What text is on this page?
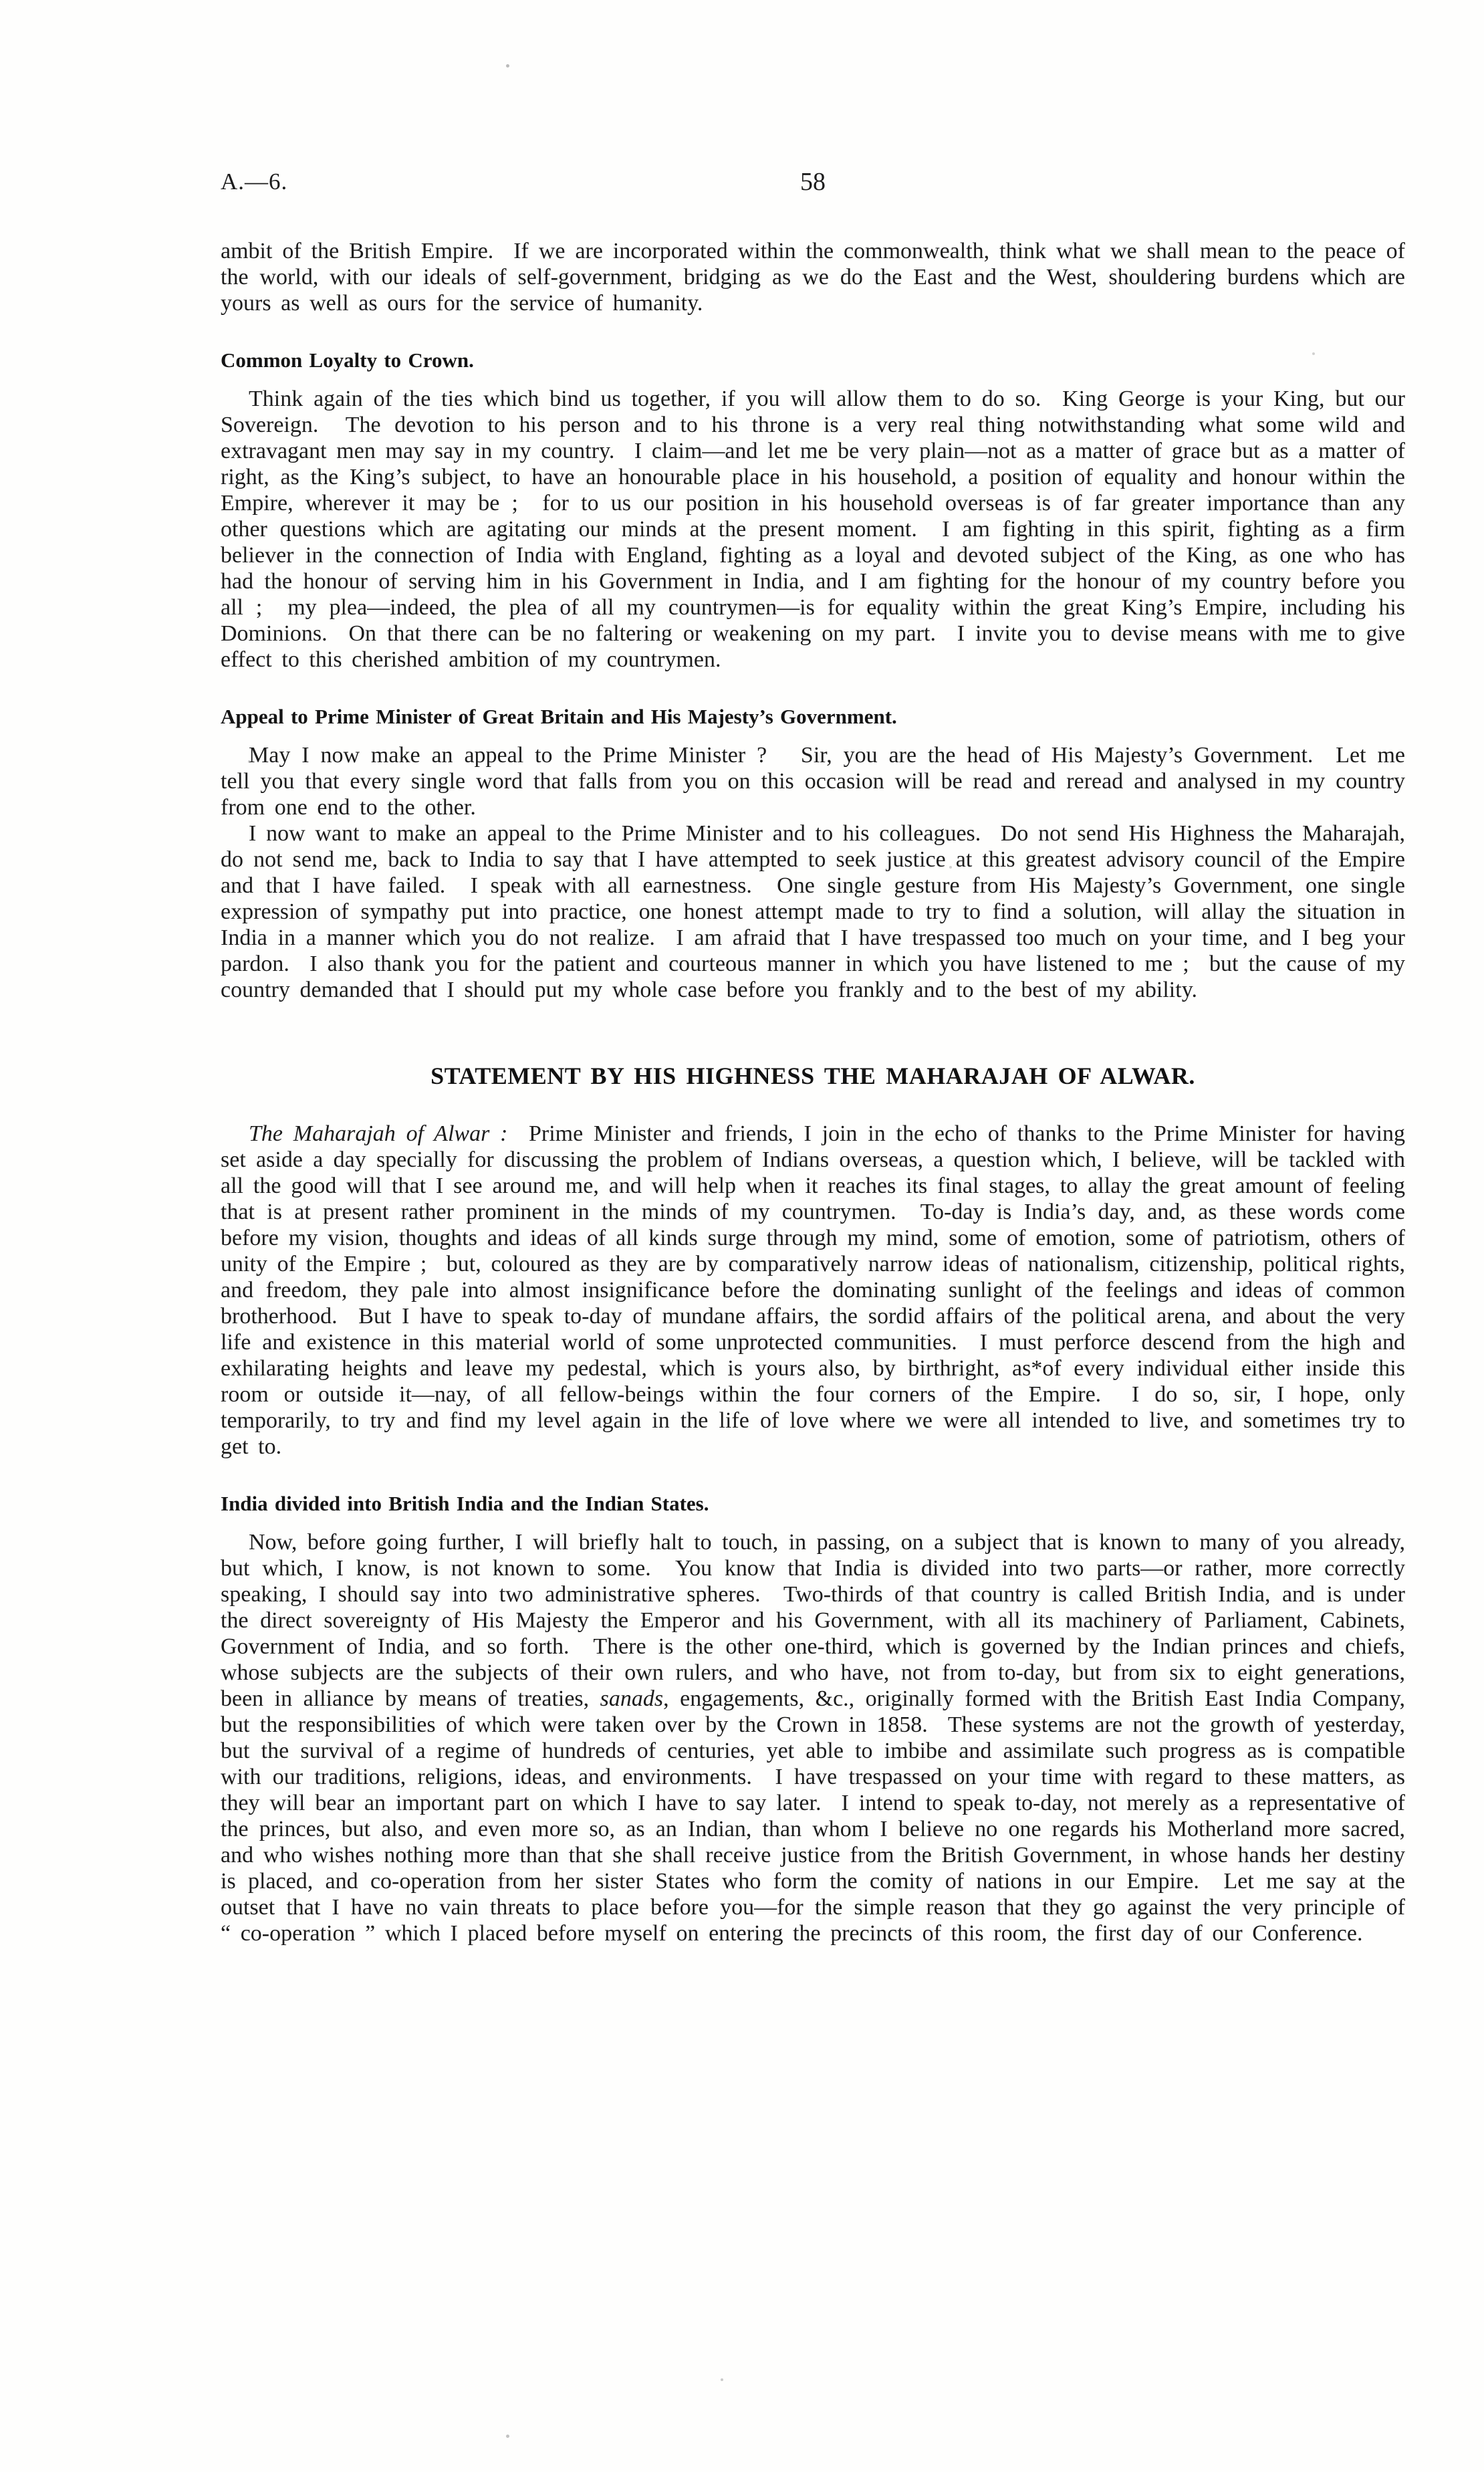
A.—6.	58

ambit of the British Empire.  If we are incorporated within the commonwealth, think what we shall mean to the peace of the world, with our ideals of self-government, bridging as we do the East and the West, shouldering burdens which are yours as well as ours for the service of humanity.

Common Loyalty to Crown.

Think again of the ties which bind us together, if you will allow them to do so.  King George is your King, but our Sovereign.  The devotion to his person and to his throne is a very real thing notwithstanding what some wild and extravagant men may say in my country.  I claim—and let me be very plain—not as a matter of grace but as a matter of right, as the King’s subject, to have an honourable place in his household, a position of equality and honour within the Empire, wherever it may be ;  for to us our position in his household overseas is of far greater importance than any other questions which are agitating our minds at the present moment.  I am fighting in this spirit, fighting as a firm believer in the connection of India with England, fighting as a loyal and devoted subject of the King, as one who has had the honour of serving him in his Government in India, and I am fighting for the honour of my country before you all ;  my plea—indeed, the plea of all my countrymen—is for equality within the great King’s Empire, including his Dominions.  On that there can be no faltering or weakening on my part.  I invite you to devise means with me to give effect to this cherished ambition of my countrymen.

Appeal to Prime Minister of Great Britain and His Majesty’s Government.

May I now make an appeal to the Prime Minister ?   Sir, you are the head of His Majesty’s Government.  Let me tell you that every single word that falls from you on this occasion will be read and reread and analysed in my country from one end to the other.

I now want to make an appeal to the Prime Minister and to his colleagues.  Do not send His Highness the Maharajah, do not send me, back to India to say that I have attempted to seek justice at this greatest advisory council of the Empire and that I have failed.  I speak with all earnestness.  One single gesture from His Majesty’s Government, one single expression of sympathy put into practice, one honest attempt made to try to find a solution, will allay the situation in India in a manner which you do not realize.  I am afraid that I have trespassed too much on your time, and I beg your pardon.  I also thank you for the patient and courteous manner in which you have listened to me ;  but the cause of my country demanded that I should put my whole case before you frankly and to the best of my ability.

STATEMENT BY HIS HIGHNESS THE MAHARAJAH OF ALWAR.

The Maharajah of Alwar :  Prime Minister and friends, I join in the echo of thanks to the Prime Minister for having set aside a day specially for discussing the problem of Indians overseas, a question which, I believe, will be tackled with all the good will that I see around me, and will help when it reaches its final stages, to allay the great amount of feeling that is at present rather prominent in the minds of my countrymen.  To-day is India’s day, and, as these words come before my vision, thoughts and ideas of all kinds surge through my mind, some of emotion, some of patriotism, others of unity of the Empire ;  but, coloured as they are by comparatively narrow ideas of nationalism, citizenship, political rights, and freedom, they pale into almost insignificance before the dominating sunlight of the feelings and ideas of common brotherhood.  But I have to speak to-day of mundane affairs, the sordid affairs of the political arena, and about the very life and existence in this material world of some unprotected communities.  I must perforce descend from the high and exhilarating heights and leave my pedestal, which is yours also, by birthright, as*of every individual either inside this room or outside it—nay, of all fellow-beings within the four corners of the Empire.  I do so, sir, I hope, only temporarily, to try and find my level again in the life of love where we were all intended to live, and sometimes try to get to.

India divided into British India and the Indian States.

Now, before going further, I will briefly halt to touch, in passing, on a subject that is known to many of you already, but which, I know, is not known to some.  You know that India is divided into two parts—or rather, more correctly speaking, I should say into two administrative spheres.  Two-thirds of that country is called British India, and is under the direct sovereignty of His Majesty the Emperor and his Government, with all its machinery of Parliament, Cabinets, Government of India, and so forth.  There is the other one-third, which is governed by the Indian princes and chiefs, whose subjects are the subjects of their own rulers, and who have, not from to-day, but from six to eight generations, been in alliance by means of treaties, sanads, engagements, &c., originally formed with the British East India Company, but the responsibilities of which were taken over by the Crown in 1858.  These systems are not the growth of yesterday, but the survival of a regime of hundreds of centuries, yet able to imbibe and assimilate such progress as is compatible with our traditions, religions, ideas, and environments.  I have trespassed on your time with regard to these matters, as they will bear an important part on which I have to say later.  I intend to speak to-day, not merely as a representative of the princes, but also, and even more so, as an Indian, than whom I believe no one regards his Motherland more sacred, and who wishes nothing more than that she shall receive justice from the British Government, in whose hands her destiny is placed, and co-operation from her sister States who form the comity of nations in our Empire.  Let me say at the outset that I have no vain threats to place before you—for the simple reason that they go against the very principle of “ co-operation ” which I placed before myself on entering the precincts of this room, the first day of our Conference.
